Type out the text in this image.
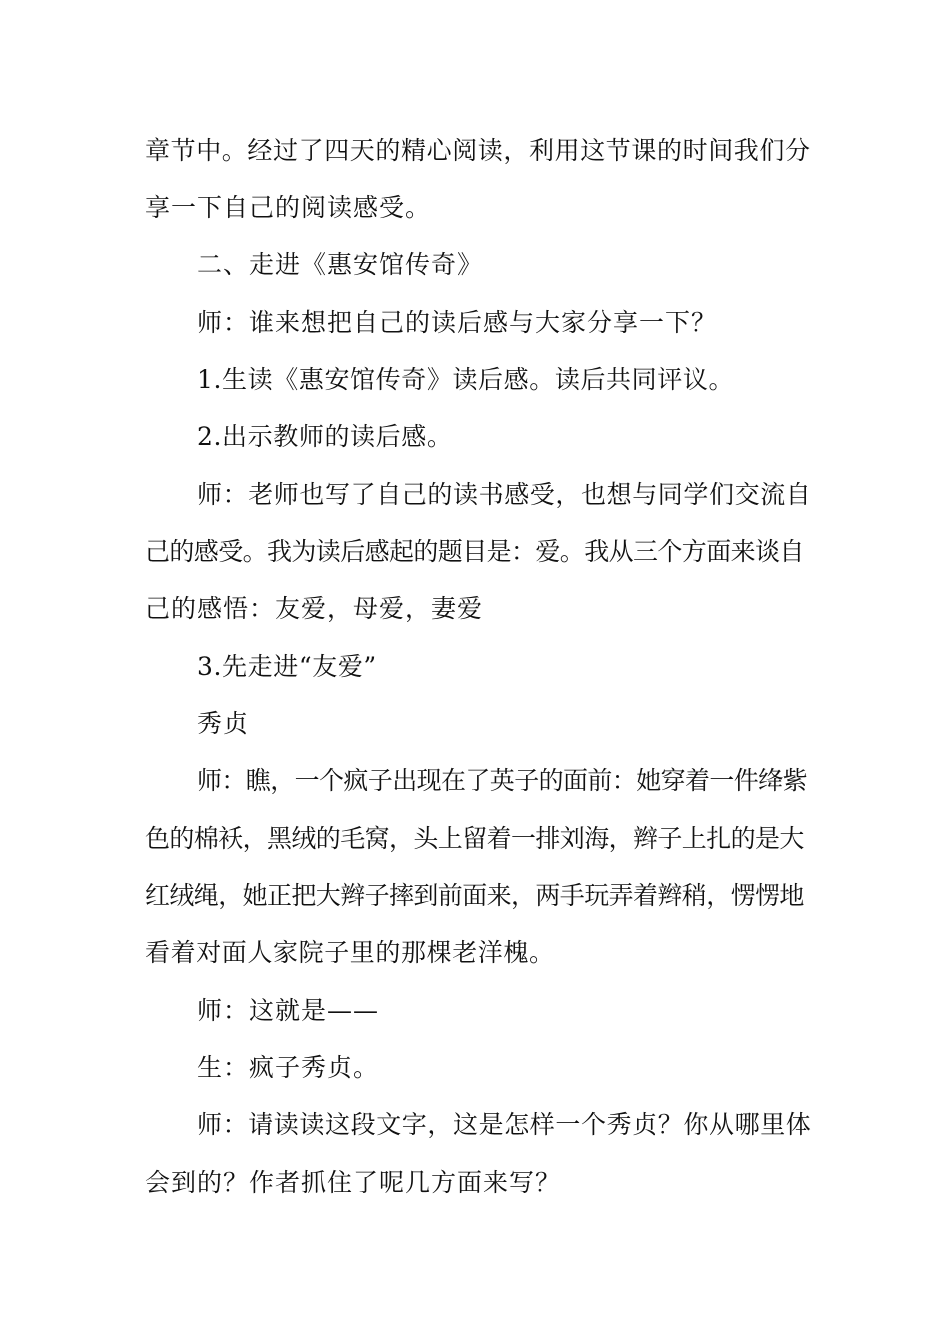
章节中。经过了四天的精心阅读，利用这节课的时间我们分
享一下自己的阅读感受。
二、走进《惠安馆传奇》
师：谁来想把自己的读后感与大家分享一下？
1.生读《惠安馆传奇》读后感。读后共同评议。
2.出示教师的读后感。
师：老师也写了自己的读书感受，也想与同学们交流自
己的感受。我为读后感起的题目是：爱。我从三个方面来谈自
己的感悟：友爱，母爱，妻爱
3.先走进“友爱”
秀贞
师：瞧，一个疯子出现在了英子的面前：她穿着一件绛紫
色的棉袄，黑绒的毛窝，头上留着一排刘海，辫子上扎的是大
红绒绳，她正把大辫子摔到前面来，两手玩弄着辫稍，愣愣地
看着对面人家院子里的那棵老洋槐。
师：这就是——
生：疯子秀贞。
师：请读读这段文字，这是怎样一个秀贞？你从哪里体
会到的？作者抓住了呢几方面来写？
